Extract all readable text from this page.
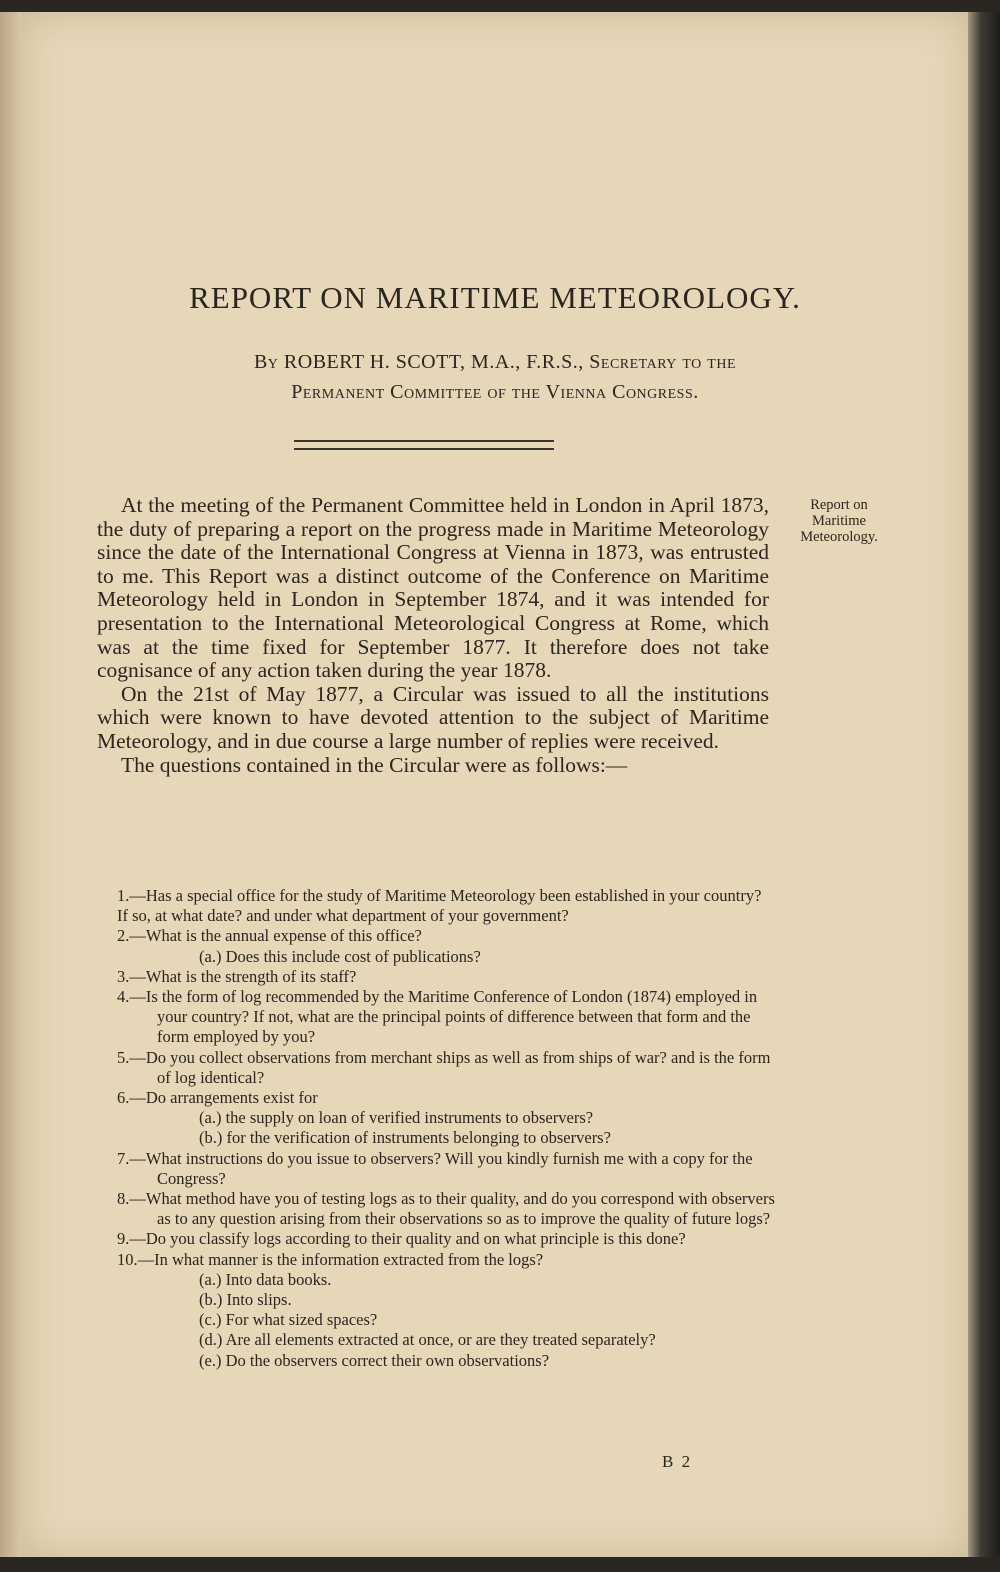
REPORT ON MARITIME METEOROLOGY.
By ROBERT H. SCOTT, M.A., F.R.S., Secretary to the
Permanent Committee of the Vienna Congress.

At the meeting of the Permanent Committee held in London in April 1873, the duty of preparing a report on the progress made in Maritime Meteorology since the date of the International Congress at Vienna in 1873, was entrusted to me. This Report was a distinct outcome of the Conference on Maritime Meteorology held in London in September 1874, and it was intended for presentation to the International Meteorological Congress at Rome, which was at the time fixed for September 1877. It therefore does not take cognisance of any action taken during the year 1878.

On the 21st of May 1877, a Circular was issued to all the institutions which were known to have devoted attention to the subject of Maritime Meteorology, and in due course a large number of replies were received.

The questions contained in the Circular were as follows:—

Report on
Maritime
Meteorology.
1.—Has a special office for the study of Maritime Meteorology been established in your country?
If so, at what date? and under what department of your government?
2.—What is the annual expense of this office?
(a.) Does this include cost of publications?
3.—What is the strength of its staff?
4.—Is the form of log recommended by the Maritime Conference of London (1874) employed in your country? If not, what are the principal points of difference between that form and the form employed by you?
5.—Do you collect observations from merchant ships as well as from ships of war? and is the form of log identical?
6.—Do arrangements exist for
(a.) the supply on loan of verified instruments to observers?
(b.) for the verification of instruments belonging to observers?
7.—What instructions do you issue to observers? Will you kindly furnish me with a copy for the Congress?
8.—What method have you of testing logs as to their quality, and do you correspond with observers as to any question arising from their observations so as to improve the quality of future logs?
9.—Do you classify logs according to their quality and on what principle is this done?
10.—In what manner is the information extracted from the logs?
(a.) Into data books.
(b.) Into slips.
(c.) For what sized spaces?
(d.) Are all elements extracted at once, or are they treated separately?
(e.) Do the observers correct their own observations?
B 2
